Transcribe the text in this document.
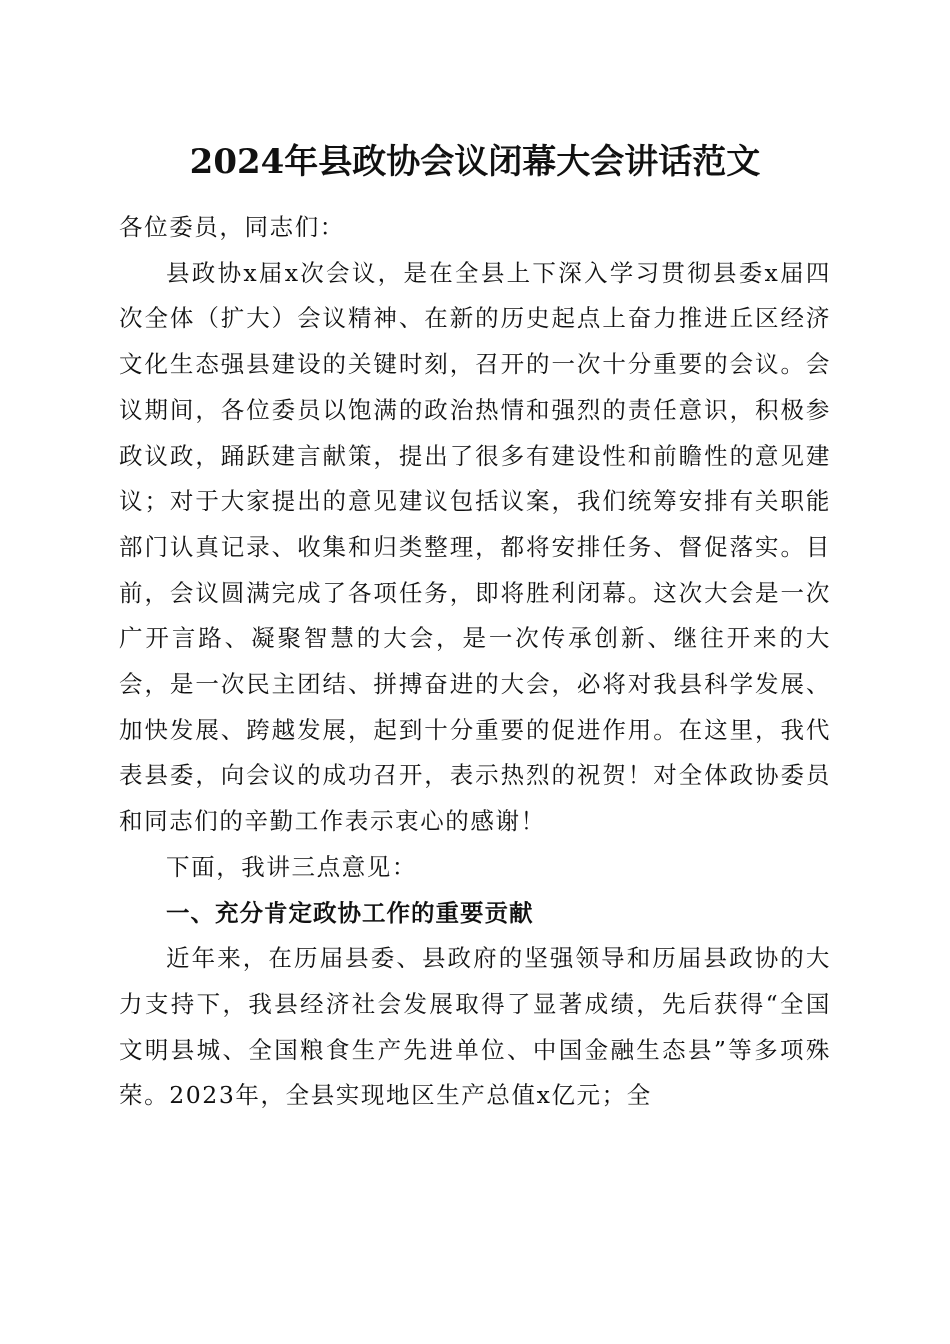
2024年县政协会议闭幕大会讲话范文

各位委员，同志们：

县政协x届x次会议，是在全县上下深入学习贯彻县委x届四次全体（扩大）会议精神、在新的历史起点上奋力推进丘区经济文化生态强县建设的关键时刻，召开的一次十分重要的会议。会议期间，各位委员以饱满的政治热情和强烈的责任意识，积极参政议政，踊跃建言献策，提出了很多有建设性和前瞻性的意见建议；对于大家提出的意见建议包括议案，我们统筹安排有关职能部门认真记录、收集和归类整理，都将安排任务、督促落实。目前，会议圆满完成了各项任务，即将胜利闭幕。这次大会是一次广开言路、凝聚智慧的大会，是一次传承创新、继往开来的大会，是一次民主团结、拼搏奋进的大会，必将对我县科学发展、加快发展、跨越发展，起到十分重要的促进作用。在这里，我代表县委，向会议的成功召开，表示热烈的祝贺！对全体政协委员和同志们的辛勤工作表示衷心的感谢！

下面，我讲三点意见：

一、充分肯定政协工作的重要贡献

近年来，在历届县委、县政府的坚强领导和历届县政协的大力支持下，我县经济社会发展取得了显著成绩，先后获得“全国文明县城、全国粮食生产先进单位、中国金融生态县”等多项殊荣。2023年，全县实现地区生产总值x亿元；全
